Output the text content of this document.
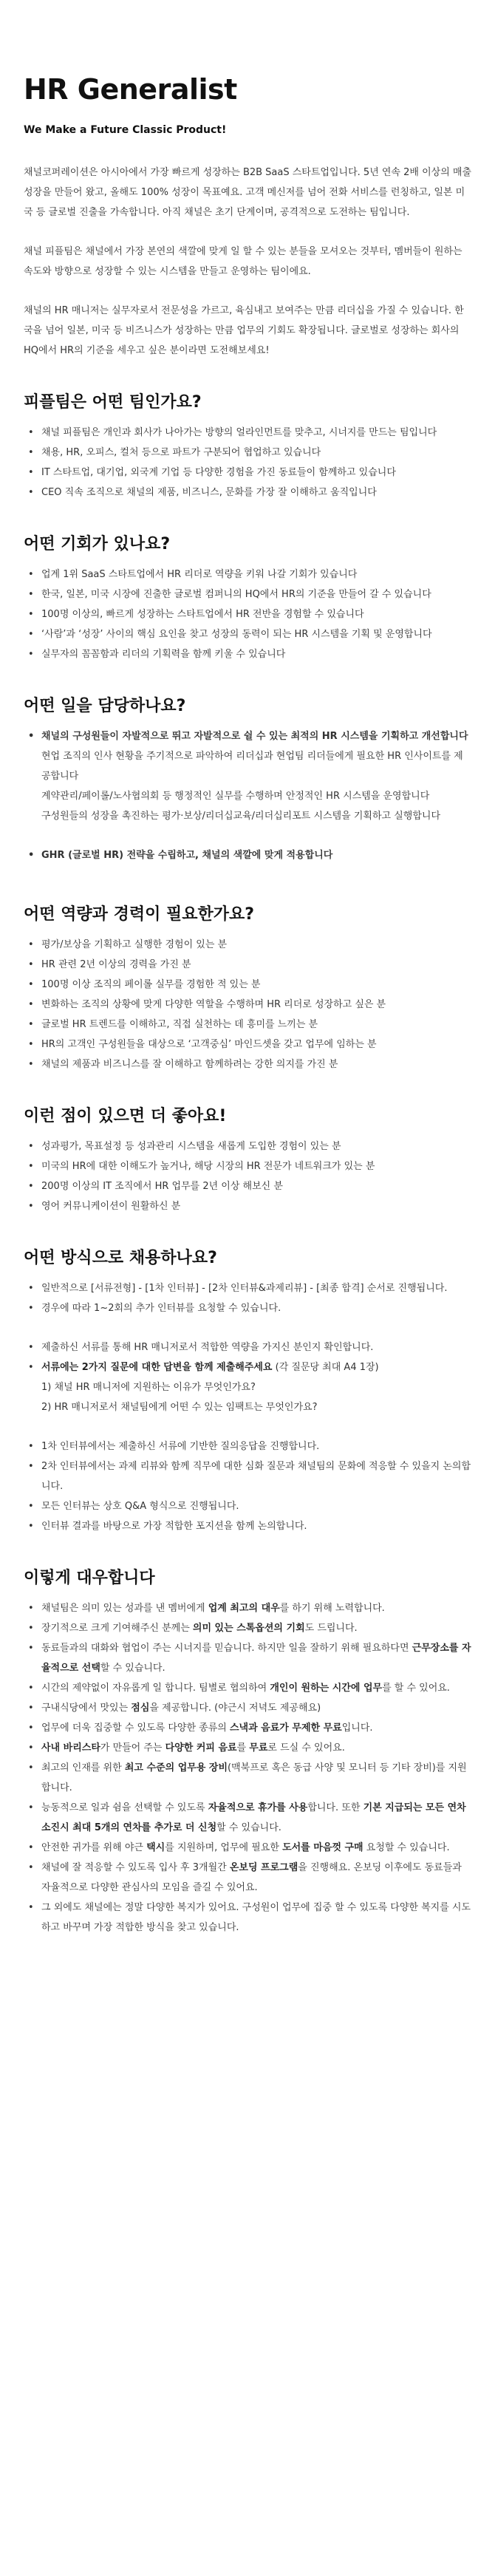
HR Generalist

We Make a Future Classic Product!

채널코퍼레이션은 아시아에서 가장 빠르게 성장하는 B2B SaaS 스타트업입니다. 5년 연속 2배 이상의 매출 성장을 만들어 왔고, 올해도 100% 성장이 목표예요. 고객 메신저를 넘어 전화 서비스를 런칭하고, 일본 미국 등 글로벌 진출을 가속합니다. 아직 채널은 초기 단계이며, 공격적으로 도전하는 팀입니다.

채널 피플팀은 채널에서 가장 본연의 색깔에 맞게 일 할 수 있는 분들을 모셔오는 것부터, 멤버들이 원하는 속도와 방향으로 성장할 수 있는 시스템을 만들고 운영하는 팀이에요.

채널의 HR 매니저는 실무자로서 전문성을 가르고, 육심내고 보여주는 만큼 리더십을 가질 수 있습니다. 한국을 넘어 일본, 미국 등 비즈니스가 성장하는 만큼 업무의 기회도 확장됩니다. 글로벌로 성장하는 회사의 HQ에서 HR의 기준을 세우고 싶은 분이라면 도전해보세요!

피플팀은 어떤 팀인가요?
• 채널 피플팀은 개인과 회사가 나아가는 방향의 얼라인먼트를 맞추고, 시너지를 만드는 팀입니다
• 채용, HR, 오피스, 컬처 등으로 파트가 구분되어 협업하고 있습니다
• IT 스타트업, 대기업, 외국계 기업 등 다양한 경험을 가진 동료들이 함께하고 있습니다
• CEO 직속 조직으로 채널의 제품, 비즈니스, 문화를 가장 잘 이해하고 움직입니다
어떤 기회가 있나요?
• 업계 1위 SaaS 스타트업에서 HR 리더로 역량을 키워 나갈 기회가 있습니다
• 한국, 일본, 미국 시장에 진출한 글로벌 컴퍼니의 HQ에서 HR의 기준을 만들어 갈 수 있습니다
• 100명 이상의, 빠르게 성장하는 스타트업에서 HR 전반을 경험할 수 있습니다
• ‘사람’과 ‘성장’ 사이의 핵심 요인을 찾고 성장의 동력이 되는 HR 시스템을 기획 및 운영합니다
• 실무자의 꼼꼼함과 리더의 기획력을 함께 키울 수 있습니다
어떤 일을 담당하나요?
• 채널의 구성원들이 자발적으로 뛰고 자발적으로 쉴 수 있는 최적의 HR 시스템을 기획하고 개선합니다

현업 조직의 인사 현황을 주기적으로 파악하여 리더십과 현업팀 리더들에게 필요한 HR 인사이트를 제공합니다

계약관리/페이롤/노사협의회 등 행정적인 실무를 수행하며 안정적인 HR 시스템을 운영합니다

구성원들의 성장을 촉진하는 평가·보상/리더십교육/리더십리포트 시스템을 기획하고 실행합니다

• GHR (글로벌 HR) 전략을 수립하고, 채널의 색깔에 맞게 적용합니다
어떤 역량과 경력이 필요한가요?
• 평가/보상을 기획하고 실행한 경험이 있는 분
• HR 관련 2년 이상의 경력을 가진 분
• 100명 이상 조직의 페이롤 실무를 경험한 적 있는 분
• 변화하는 조직의 상황에 맞게 다양한 역할을 수행하며 HR 리더로 성장하고 싶은 분
• 글로벌 HR 트렌드를 이해하고, 직접 실천하는 데 흥미를 느끼는 분
• HR의 고객인 구성원들을 대상으로 ‘고객중심’ 마인드셋을 갖고 업무에 임하는 분
• 채널의 제품과 비즈니스를 잘 이해하고 함께하려는 강한 의지를 가진 분
이런 점이 있으면 더 좋아요!
• 성과평가, 목표설정 등 성과관리 시스템을 새롭게 도입한 경험이 있는 분
• 미국의 HR에 대한 이해도가 높거나, 해당 시장의 HR 전문가 네트워크가 있는 분
• 200명 이상의 IT 조직에서 HR 업무를 2년 이상 해보신 분
• 영어 커뮤니케이션이 원활하신 분
어떤 방식으로 채용하나요?
• 일반적으로 [서류전형] - [1차 인터뷰] - [2차 인터뷰&과제리뷰] - [최종 합격] 순서로 진행됩니다.
• 경우에 따라 1~2회의 추가 인터뷰를 요청할 수 있습니다.
• 제출하신 서류를 통해 HR 매니저로서 적합한 역량을 가지신 분인지 확인합니다.
• 서류에는 2가지 질문에 대한 답변을 함께 제출해주세요 (각 질문당 최대 A4 1장)

1) 채널 HR 매니저에 지원하는 이유가 무엇인가요?

2) HR 매니저로서 채널팀에게 어떤 수 있는 임팩트는 무엇인가요?

• 1차 인터뷰에서는 제출하신 서류에 기반한 질의응답을 진행합니다.
• 2차 인터뷰에서는 과제 리뷰와 함께 직무에 대한 심화 질문과 채널팀의 문화에 적응할 수 있을지 논의합니다.
• 모든 인터뷰는 상호 Q&A 형식으로 진행됩니다.
• 인터뷰 결과를 바탕으로 가장 적합한 포지션을 함께 논의합니다.
이렇게 대우합니다
• 채널팀은 의미 있는 성과를 낸 멤버에게 업계 최고의 대우를 하기 위해 노력합니다.
• 장기적으로 크게 기여해주신 분께는 의미 있는 스톡옵션의 기회도 드립니다.
• 동료들과의 대화와 협업이 주는 시너지를 믿습니다. 하지만 일을 잘하기 위해 필요하다면 근무장소를 자율적으로 선택할 수 있습니다.
• 시간의 제약없이 자유롭게 일 합니다. 팀별로 협의하여 개인이 원하는 시간에 업무를 할 수 있어요.
• 구내식당에서 맛있는 점심을 제공합니다. (야근시 저녁도 제공해요)
• 업무에 더욱 집중할 수 있도록 다양한 종류의 스낵과 음료가 무제한 무료입니다.
• 사내 바리스타가 만들어 주는 다양한 커피 음료를 무료로 드실 수 있어요.
• 최고의 인재를 위한 최고 수준의 업무용 장비(맥북프로 혹은 동급 사양 및 모니터 등 기타 장비)를 지원합니다.
• 능동적으로 일과 쉼을 선택할 수 있도록 자율적으로 휴가를 사용합니다. 또한 기본 지급되는 모든 연차 소진시 최대 5개의 연차를 추가로 더 신청할 수 있습니다.
• 안전한 귀가를 위해 야근 택시를 지원하며, 업무에 필요한 도서를 마음껏 구매 요청할 수 있습니다.
• 채널에 잘 적응할 수 있도록 입사 후 3개월간 온보딩 프로그램을 진행해요. 온보딩 이후에도 동료들과 자율적으로 다양한 관심사의 모임을 즐길 수 있어요.
• 그 외에도 채널에는 정말 다양한 복지가 있어요. 구성원이 업무에 집중 할 수 있도록 다양한 복지를 시도하고 바꾸며 가장 적합한 방식을 찾고 있습니다.
